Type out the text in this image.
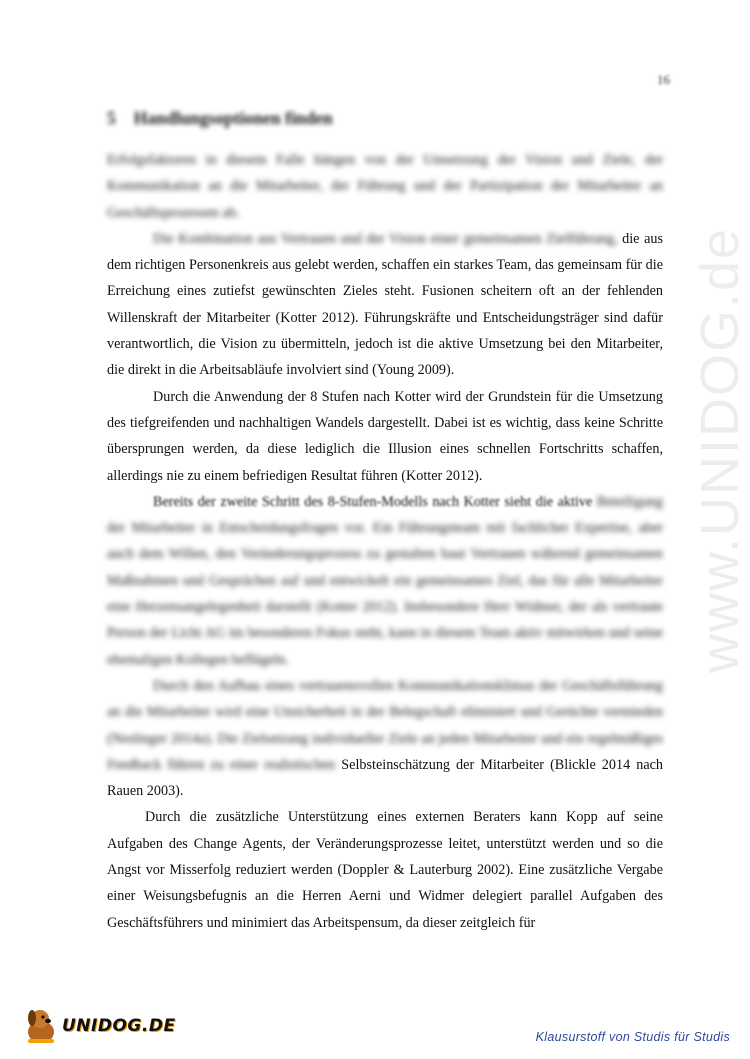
16
5 Handlungsoptionen finden
www.UNIDOG.de

Erfolgsfaktoren in diesem Falle hängen von der Umsetzung der Vision und Ziele, der Kommunikation an die Mitarbeiter, der Führung und der Partizipation der Mitarbeiter an Geschäftsprozessen ab.

Die Kombination aus Vertrauen und der Vision einer gemeinsamen Zielführung, die aus dem richtigen Personenkreis aus gelebt werden, schaffen ein starkes Team, das gemeinsam für die Erreichung eines zutiefst gewünschten Zieles steht. Fusionen scheitern oft an der fehlenden Willenskraft der Mitarbeiter (Kotter 2012). Führungskräfte und Entscheidungsträger sind dafür verantwortlich, die Vision zu übermitteln, jedoch ist die aktive Umsetzung bei den Mitarbeiter, die direkt in die Arbeitsabläufe involviert sind (Young 2009).

Durch die Anwendung der 8 Stufen nach Kotter wird der Grundstein für die Umsetzung des tiefgreifenden und nachhaltigen Wandels dargestellt. Dabei ist es wichtig, dass keine Schritte übersprungen werden, da diese lediglich die Illusion eines schnellen Fortschritts schaffen, allerdings nie zu einem befriedigen Resultat führen (Kotter 2012).

Bereits der zweite Schritt des 8-Stufen-Modells nach Kotter sieht die aktive Beteiligung der Mitarbeiter in Entscheidungsfragen vor. Ein Führungsteam mit fachlicher Expertise, aber auch dem Willen, den Veränderungsprozess zu gestalten baut Vertrauen während gemeinsamen Maßnahmen und Gesprächen auf und entwickelt ein gemeinsames Ziel, das für alle Mitarbeiter eine Herzensangelegenheit darstellt (Kotter 2012). Insbesondere Herr Widmer, der als vertraute Person der Licht AG im besonderen Fokus steht, kann in diesem Team aktiv mitwirken und seine ehemaligen Kollegen beflügeln.

Durch den Aufbau eines vertrauensvollen Kommunikationsklimas der Geschäftsführung an die Mitarbeiter wird eine Unsicherheit in der Belegschaft eliminiert und Gerüchte vermieden (Neslinger 2014a). Die Zielsetzung individueller Ziele an jeden Mitarbeiter und ein regelmäßiges Feedback führen zu einer realistischen Selbsteinschätzung der Mitarbeiter (Blickle 2014 nach Rauen 2003).

Durch die zusätzliche Unterstützung eines externen Beraters kann Kopp auf seine Aufgaben des Change Agents, der Veränderungsprozesse leitet, unterstützt werden und so die Angst vor Misserfolg reduziert werden (Doppler & Lauterburg 2002). Eine zusätzliche Vergabe einer Weisungsbefugnis an die Herren Aerni und Widmer delegiert parallel Aufgaben des Geschäftsführers und minimiert das Arbeitspensum, da dieser zeitgleich für

UNIDOG.DE
Klausurstoff von Studis für Studis
